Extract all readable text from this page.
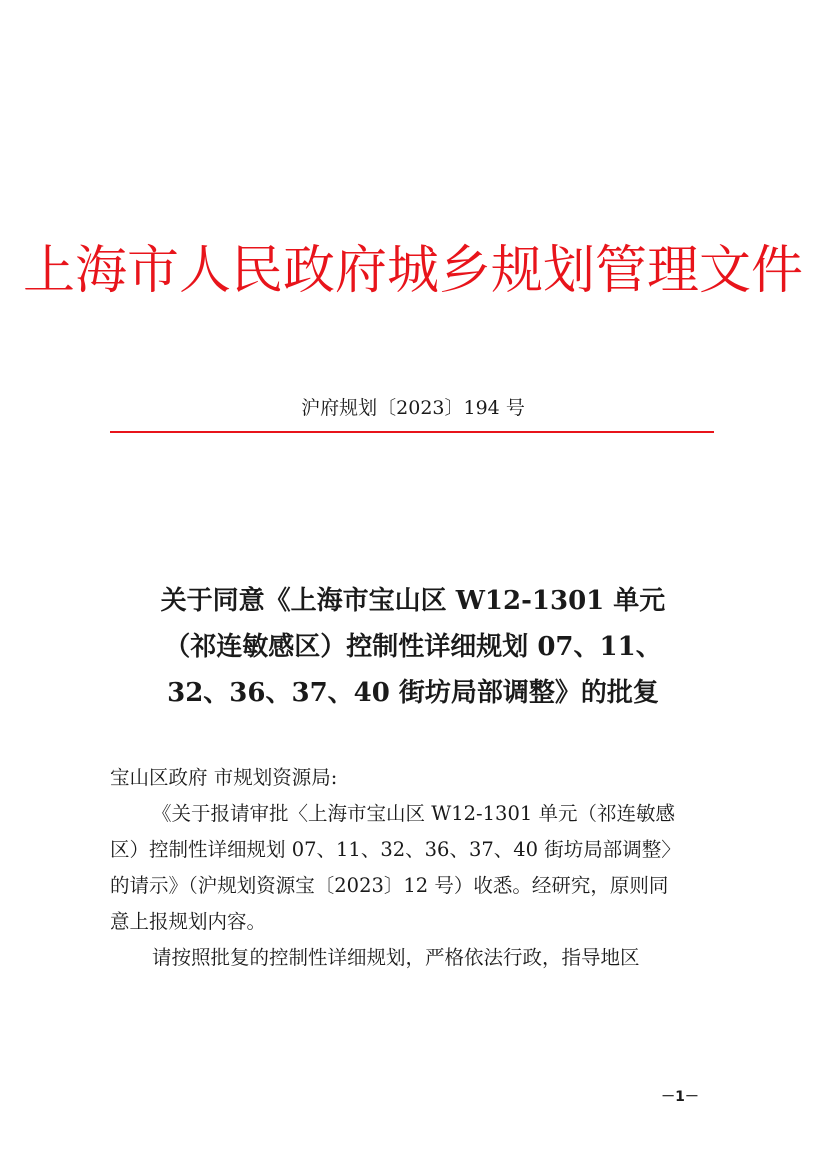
上海市人民政府城乡规划管理文件
沪府规划〔2023〕194 号
关于同意《上海市宝山区 W12-1301 单元
（祁连敏感区）控制性详细规划 07、11、
32、36、37、40 街坊局部调整》的批复
宝山区政府 市规划资源局:
《关于报请审批〈上海市宝山区 W12-1301 单元（祁连敏感
区）控制性详细规划 07、11、32、36、37、40 街坊局部调整〉
的请示》（沪规划资源宝〔2023〕12 号）收悉。经研究，原则同
意上报规划内容。
请按照批复的控制性详细规划，严格依法行政，指导地区
－1－
